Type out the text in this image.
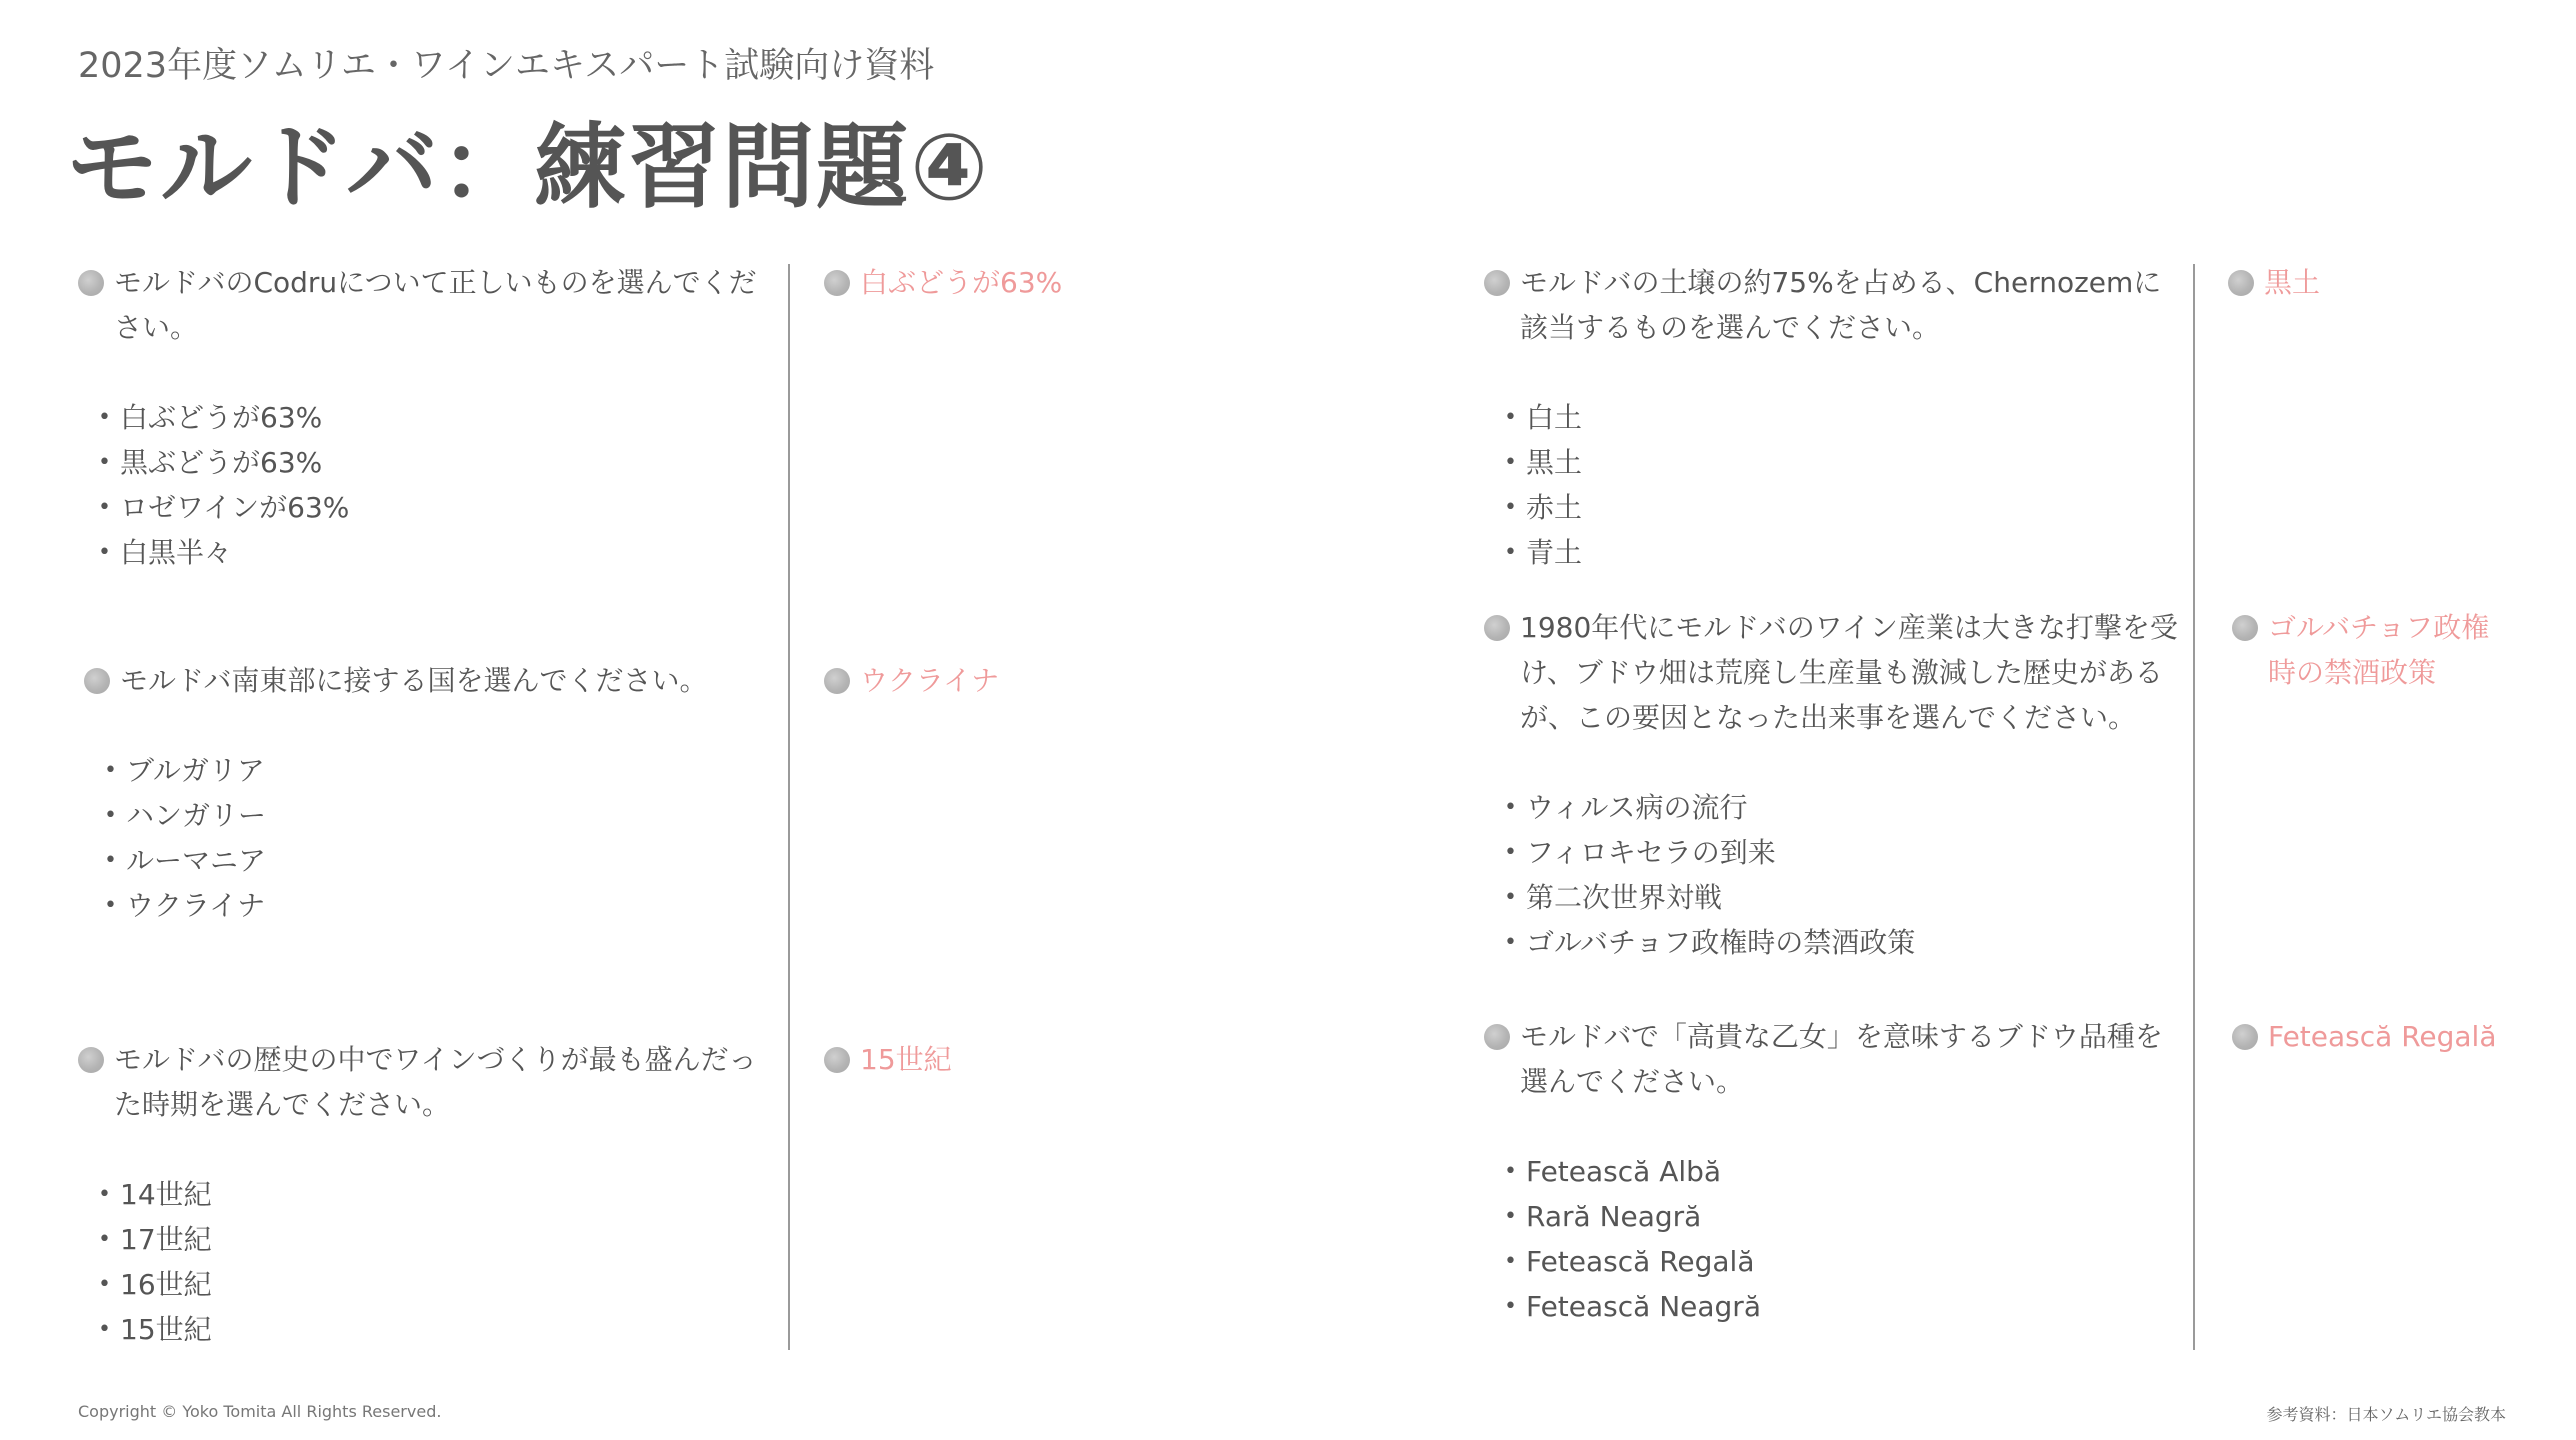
2023年度ソムリエ・ワインエキスパート試験向け資料
モルドバ：練習問題④

モルドバのCodruについて正しいものを選んでください。

• 白ぶどうが63%
• 黒ぶどうが63%
• ロゼワインが63%
• 白黒半々

白ぶどうが63%

モルドバ南東部に接する国を選んでください。

• ブルガリア
• ハンガリー
• ルーマニア
• ウクライナ

ウクライナ

モルドバの歴史の中でワインづくりが最も盛んだった時期を選んでください。

• 14世紀
• 17世紀
• 16世紀
• 15世紀

15世紀

モルドバの土壌の約75%を占める、Chernozemに該当するものを選んでください。

• 白土
• 黒土
• 赤土
• 青土

黒土

1980年代にモルドバのワイン産業は大きな打撃を受け、ブドウ畑は荒廃し生産量も激減した歴史があるが、この要因となった出来事を選んでください。

• ウィルス病の流行
• フィロキセラの到来
• 第二次世界対戦
• ゴルバチョフ政権時の禁酒政策

ゴルバチョフ政権時の禁酒政策

モルドバで「高貴な乙女」を意味するブドウ品種を選んでください。

• Fetească Albă
• Rară Neagră
• Fetească Regală
• Fetească Neagră

Fetească Regală

Copyright © Yoko Tomita All Rights Reserved.	参考資料：日本ソムリエ協会教本
